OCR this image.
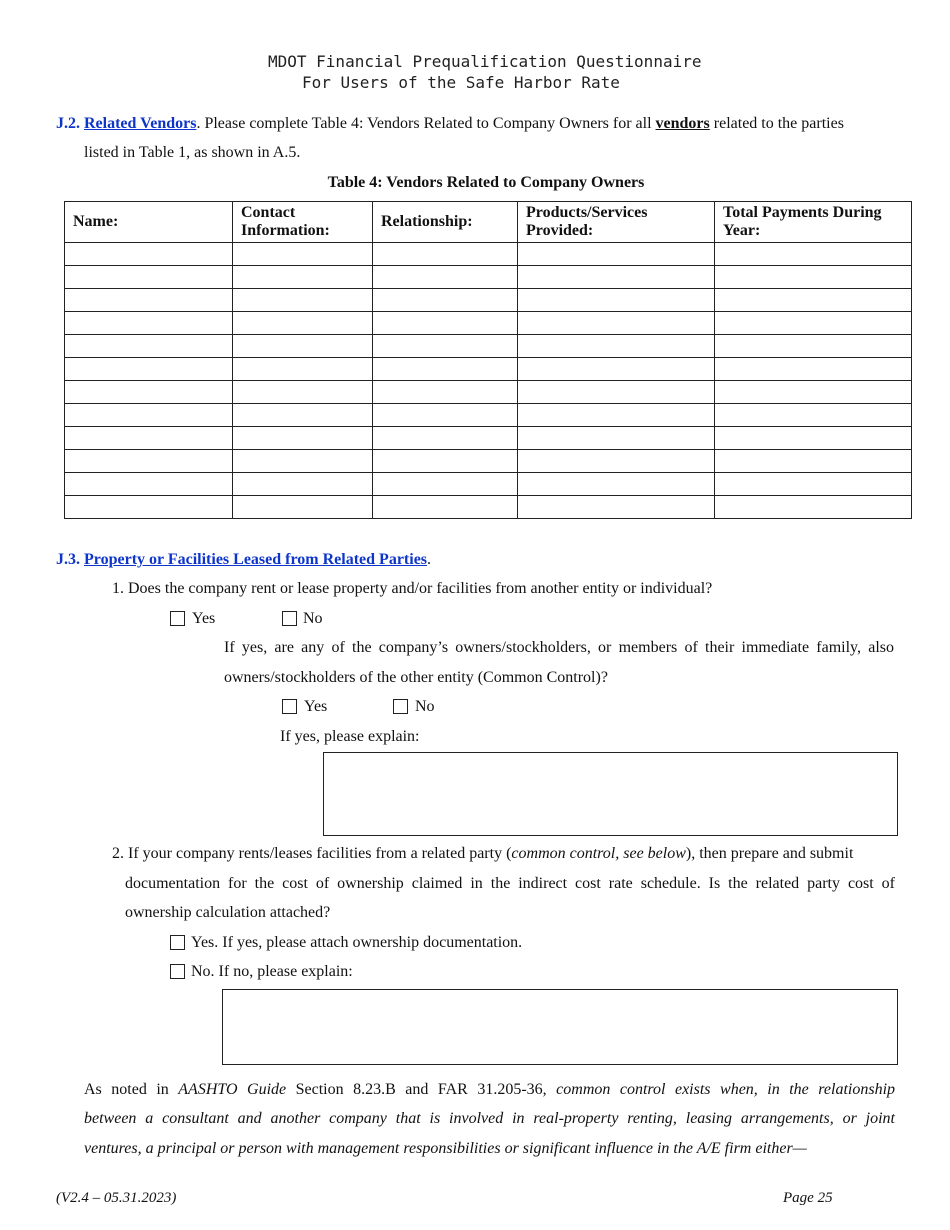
MDOT Financial Prequalification Questionnaire
For Users of the Safe Harbor Rate
J.2. Related Vendors. Please complete Table 4: Vendors Related to Company Owners for all vendors related to the parties
listed in Table 1, as shown in A.5.
Table 4: Vendors Related to Company Owners
Name:	Contact Information:	Relationship:	Products/Services Provided:	Total Payments During Year:

J.3. Property or Facilities Leased from Related Parties.
1. Does the company rent or lease property and/or facilities from another entity or individual?
Yes	No
If yes, are any of the company’s owners/stockholders, or members of their immediate family, also
owners/stockholders of the other entity (Common Control)?
Yes	No
If yes, please explain:
2. If your company rents/leases facilities from a related party (common control, see below), then prepare and submit
documentation for the cost of ownership claimed in the indirect cost rate schedule. Is the related party cost of
ownership calculation attached?
Yes. If yes, please attach ownership documentation.
No. If no, please explain:
As noted in AASHTO Guide Section 8.23.B and FAR 31.205-36, common control exists when, in the relationship
between a consultant and another company that is involved in real-property renting, leasing arrangements, or joint
ventures, a principal or person with management responsibilities or significant influence in the A/E firm either—
(V2.4 – 05.31.2023)	Page 25
